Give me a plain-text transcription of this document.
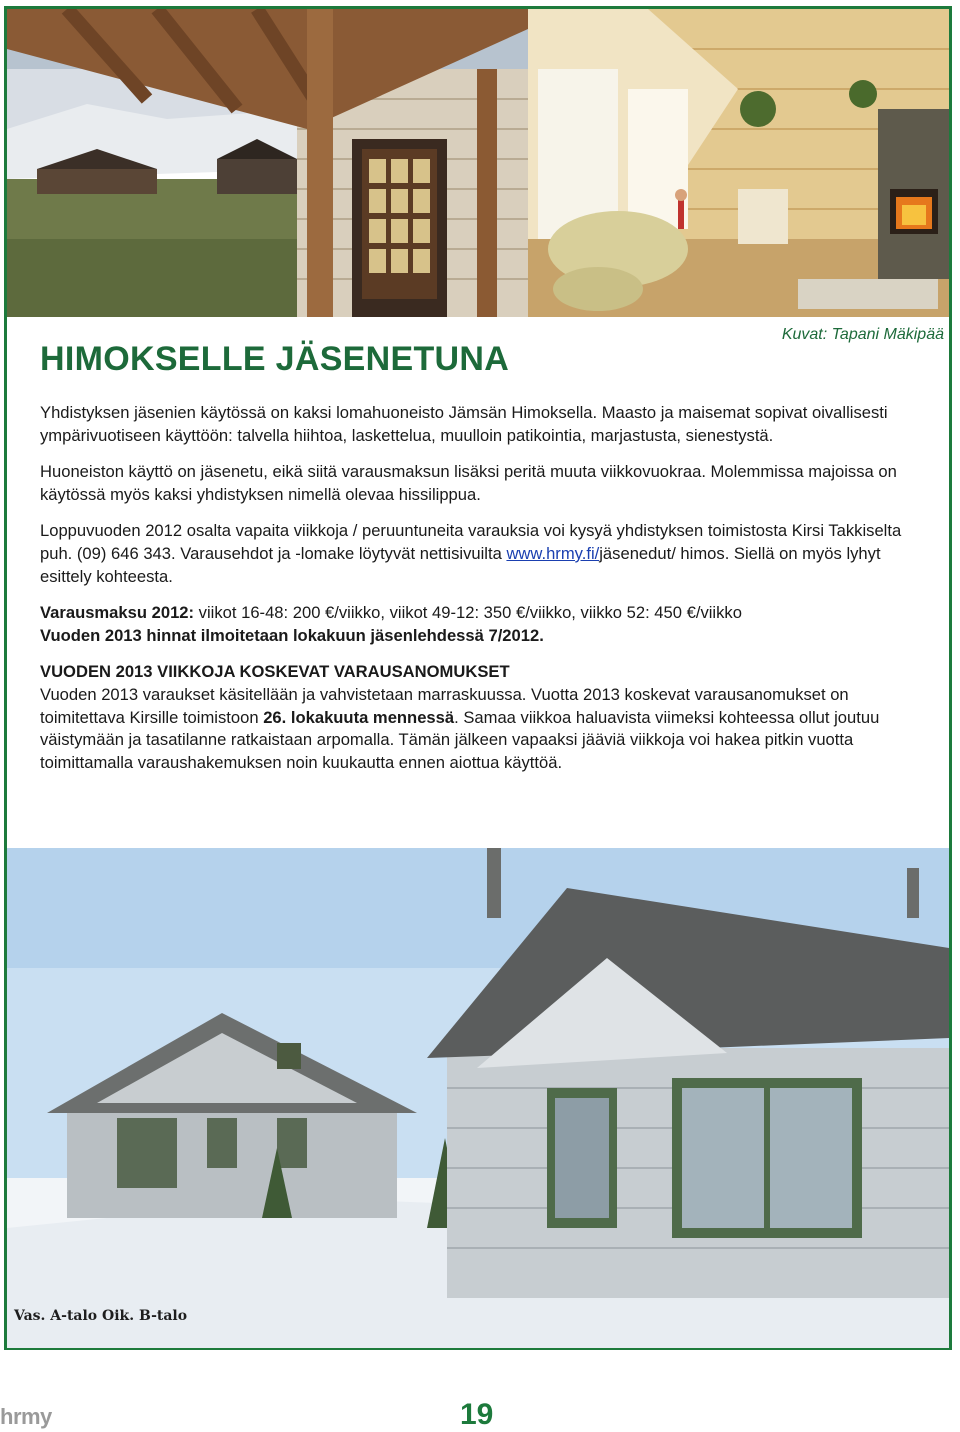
Kuvat: Tapani Mäkipää
HIMOKSELLE JÄSENETUNA

Yhdistyksen jäsenien käytössä on kaksi lomahuoneisto Jämsän Himoksella. Maasto ja maisemat sopivat oivallisesti ympärivuotiseen käyttöön: talvella hiihtoa, laskettelua, muulloin patikointia, marjastusta, sienestystä.

Huoneiston käyttö on jäsenetu, eikä siitä varausmaksun lisäksi peritä muuta viikkovuokraa. Molemmissa majoissa on käytössä myös kaksi yhdistyksen nimellä olevaa hissilippua.

Loppuvuoden 2012 osalta vapaita viikkoja / peruuntuneita varauksia voi kysyä yhdistyksen toimistosta Kirsi Takkiselta puh. (09) 646 343. Varausehdot ja -lomake löytyvät nettisivuilta www.hrmy.fi/jäsenedut/ himos. Siellä on myös lyhyt esittely kohteesta.

Varausmaksu 2012: viikot 16-48: 200 €/viikko, viikot 49-12: 350 €/viikko, viikko 52: 450 €/viikko
Vuoden 2013 hinnat ilmoitetaan lokakuun jäsenlehdessä 7/2012.

VUODEN 2013 VIIKKOJA KOSKEVAT VARAUSANOMUKSET
Vuoden 2013 varaukset käsitellään ja vahvistetaan marraskuussa. Vuotta 2013 koskevat varausanomukset on toimitettava Kirsille toimistoon 26. lokakuuta mennessä. Samaa viikkoa haluavista viimeksi kohteessa ollut joutuu väistymään ja tasatilanne ratkaistaan arpomalla. Tämän jälkeen vapaaksi jääviä viikkoja voi hakea pitkin vuotta toimittamalla varaushakemuksen noin kuukautta ennen aiottua käyttöä.

Vas. A-talo Oik. B-talo
hrmy	19
